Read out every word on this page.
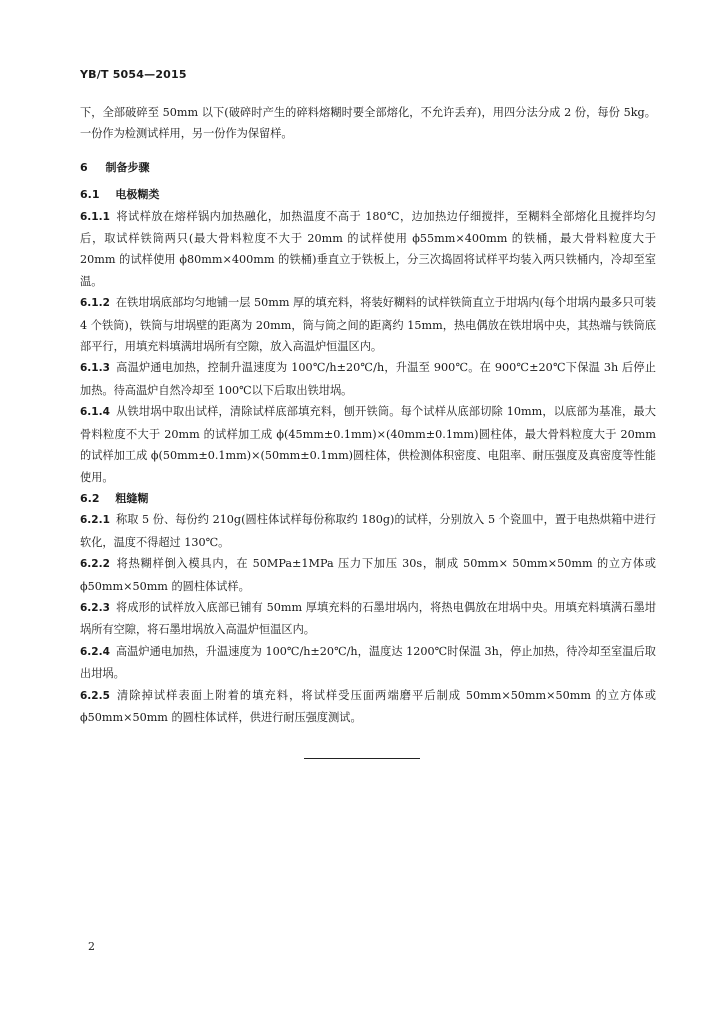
YB/T 5054—2015

下，全部破碎至 50mm 以下(破碎时产生的碎料熔糊时要全部熔化，不允许丢弃)，用四分法分成 2 份，每份 5kg。一份作为检测试样用，另一份作为保留样。

6 制备步骤

6.1 电极糊类

6.1.1 将试样放在熔样锅内加热融化，加热温度不高于 180℃，边加热边仔细搅拌，至糊料全部熔化且搅拌均匀后，取试样铁筒两只(最大骨料粒度不大于 20mm 的试样使用 ϕ55mm×400mm 的铁桶，最大骨料粒度大于 20mm 的试样使用 ϕ80mm×400mm 的铁桶)垂直立于铁板上，分三次捣固将试样平均装入两只铁桶内，冷却至室温。

6.1.2 在铁坩埚底部均匀地铺一层 50mm 厚的填充料，将装好糊料的试样铁筒直立于坩埚内(每个坩埚内最多只可装 4 个铁筒)，铁筒与坩埚壁的距离为 20mm，筒与筒之间的距离约 15mm，热电偶放在铁坩埚中央，其热端与铁筒底部平行，用填充料填满坩埚所有空隙，放入高温炉恒温区内。

6.1.3 高温炉通电加热，控制升温速度为 100℃/h±20℃/h，升温至 900℃。在 900℃±20℃下保温 3h 后停止加热。待高温炉自然冷却至 100℃以下后取出铁坩埚。

6.1.4 从铁坩埚中取出试样，清除试样底部填充料，刨开铁筒。每个试样从底部切除 10mm，以底部为基准，最大骨料粒度不大于 20mm 的试样加工成 ϕ(45mm±0.1mm)×(40mm±0.1mm)圆柱体，最大骨料粒度大于 20mm 的试样加工成 ϕ(50mm±0.1mm)×(50mm±0.1mm)圆柱体，供检测体积密度、电阻率、耐压强度及真密度等性能使用。

6.2 粗缝糊

6.2.1 称取 5 份、每份约 210g(圆柱体试样每份称取约 180g)的试样，分别放入 5 个瓷皿中，置于电热烘箱中进行软化，温度不得超过 130℃。

6.2.2 将热糊样倒入模具内，在 50MPa±1MPa 压力下加压 30s，制成 50mm× 50mm×50mm 的立方体或 ϕ50mm×50mm 的圆柱体试样。

6.2.3 将成形的试样放入底部已铺有 50mm 厚填充料的石墨坩埚内，将热电偶放在坩埚中央。用填充料填满石墨坩埚所有空隙，将石墨坩埚放入高温炉恒温区内。

6.2.4 高温炉通电加热，升温速度为 100℃/h±20℃/h，温度达 1200℃时保温 3h，停止加热，待冷却至室温后取出坩埚。

6.2.5 清除掉试样表面上附着的填充料，将试样受压面两端磨平后制成 50mm×50mm×50mm 的立方体或 ϕ50mm×50mm 的圆柱体试样，供进行耐压强度测试。

2
